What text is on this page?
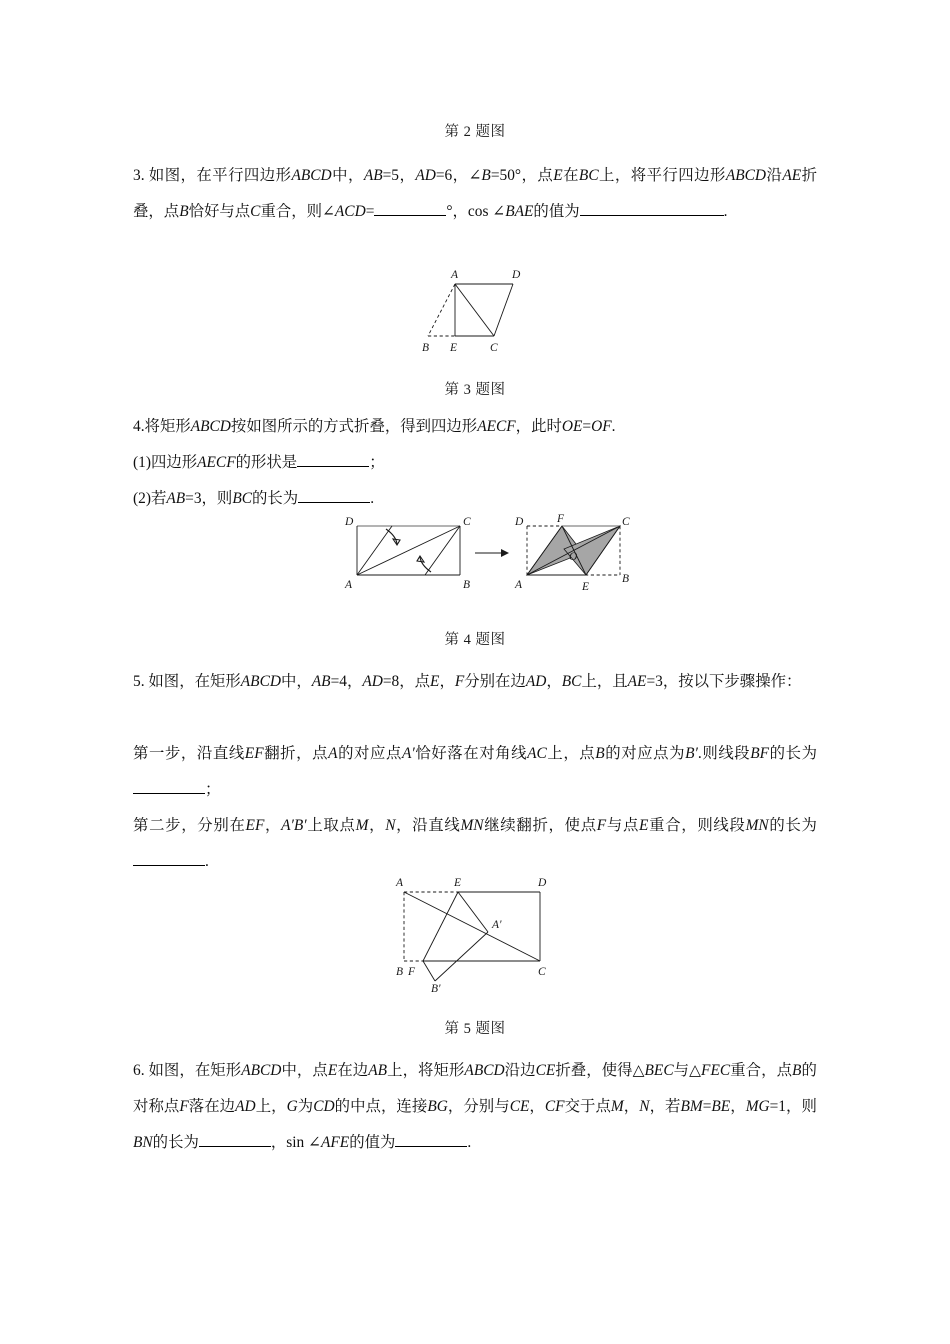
第 2 题图
3. 如图，在平行四边形ABCD中，AB=5，AD=6，∠B=50°，点E在BC上，将平行四边形ABCD沿AE折叠，点B恰好与点C重合，则∠ACD=	°，cos ∠BAE的值为	.
A	D
B E	C
第 3 题图
4.将矩形ABCD按如图所示的方式折叠，得到四边形AECF，此时OE=OF.
(1)四边形AECF的形状是	；
(2)若AB=3，则BC的长为	.
D	C
A	B
D	F	C
A	E
B
O
第 4 题图
5. 如图，在矩形ABCD中，AB=4，AD=8，点E，F分别在边AD，BC上，且AE=3，按以下步骤操作：
第一步，沿直线EF翻折，点A的对应点A′恰好落在对角线AC上，点B的对应点为B′.则线段BF的长为；
第二步，分别在EF，A′B′上取点M，N，沿直线MN继续翻折，使点F与点E重合，则线段MN的长为.
A	E	D
B F	C
A'
B'
第 5 题图
6. 如图，在矩形ABCD中，点E在边AB上，将矩形ABCD沿边CE折叠，使得△BEC与△FEC重合，点B的对称点F落在边AD上，G为CD的中点，连接BG，分别与CE，CF交于点M，N，若BM=BE，MG=1，则BN的长为	，sin ∠AFE的值为	.
